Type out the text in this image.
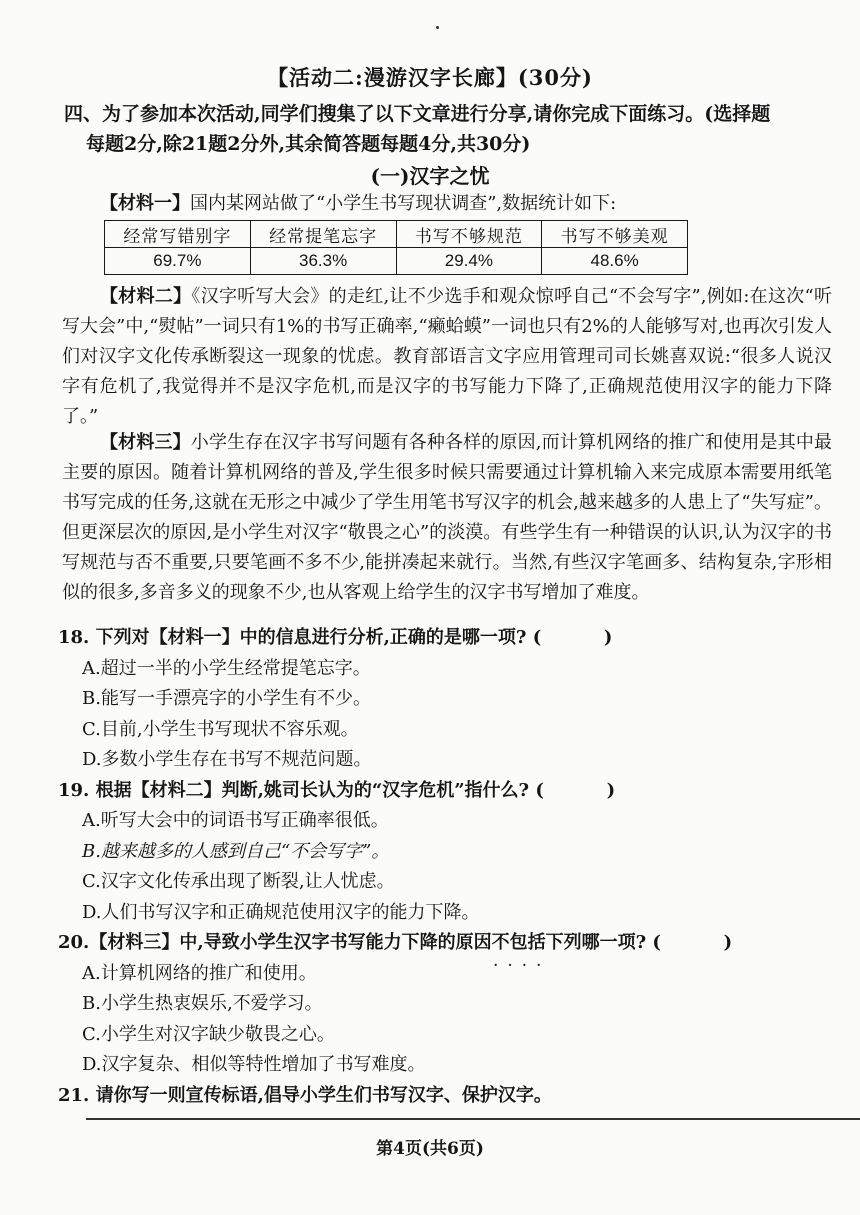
【活动二:漫游汉字长廊】(30分)
四、为了参加本次活动,同学们搜集了以下文章进行分享,请你完成下面练习。(选择题
每题2分,除21题2分外,其余简答题每题4分,共30分)
(一)汉字之忧
【材料一】国内某网站做了“小学生书写现状调查”,数据统计如下:
经常写错别字	经常提笔忘字	书写不够规范	书写不够美观
69.7%	36.3%	29.4%	48.6%
【材料二】《汉字听写大会》的走红,让不少选手和观众惊呼自己“不会写字”,例如:在这次“听写大会”中,“熨帖”一词只有1%的书写正确率,“癞蛤蟆”一词也只有2%的人能够写对,也再次引发人们对汉字文化传承断裂这一现象的忧虑。教育部语言文字应用管理司司长姚喜双说:“很多人说汉字有危机了,我觉得并不是汉字危机,而是汉字的书写能力下降了,正确规范使用汉字的能力下降了。”
【材料三】小学生存在汉字书写问题有各种各样的原因,而计算机网络的推广和使用是其中最主要的原因。随着计算机网络的普及,学生很多时候只需要通过计算机输入来完成原本需要用纸笔书写完成的任务,这就在无形之中减少了学生用笔书写汉字的机会,越来越多的人患上了“失写症”。但更深层次的原因,是小学生对汉字“敬畏之心”的淡漠。有些学生有一种错误的认识,认为汉字的书写规范与否不重要,只要笔画不多不少,能拼凑起来就行。当然,有些汉字笔画多、结构复杂,字形相似的很多,多音多义的现象不少,也从客观上给学生的汉字书写增加了难度。
18. 下列对【材料一】中的信息进行分析,正确的是哪一项? (          )
A.超过一半的小学生经常提笔忘字。
B.能写一手漂亮字的小学生有不少。
C.目前,小学生书写现状不容乐观。
D.多数小学生存在书写不规范问题。
19. 根据【材料二】判断,姚司长认为的“汉字危机”指什么? (          )
A.听写大会中的词语书写正确率很低。
B.越来越多的人感到自己“不会写字”。
C.汉字文化传承出现了断裂,让人忧虑。
D.人们书写汉字和正确规范使用汉字的能力下降。
20.【材料三】中,导致小学生汉字书写能力下降的原因不包括 · · · ·下列哪一项? (          )
A.计算机网络的推广和使用。
B.小学生热衷娱乐,不爱学习。
C.小学生对汉字缺少敬畏之心。
D.汉字复杂、相似等特性增加了书写难度。
21. 请你写一则宣传标语,倡导小学生们书写汉字、保护汉字。
第4页(共6页)
